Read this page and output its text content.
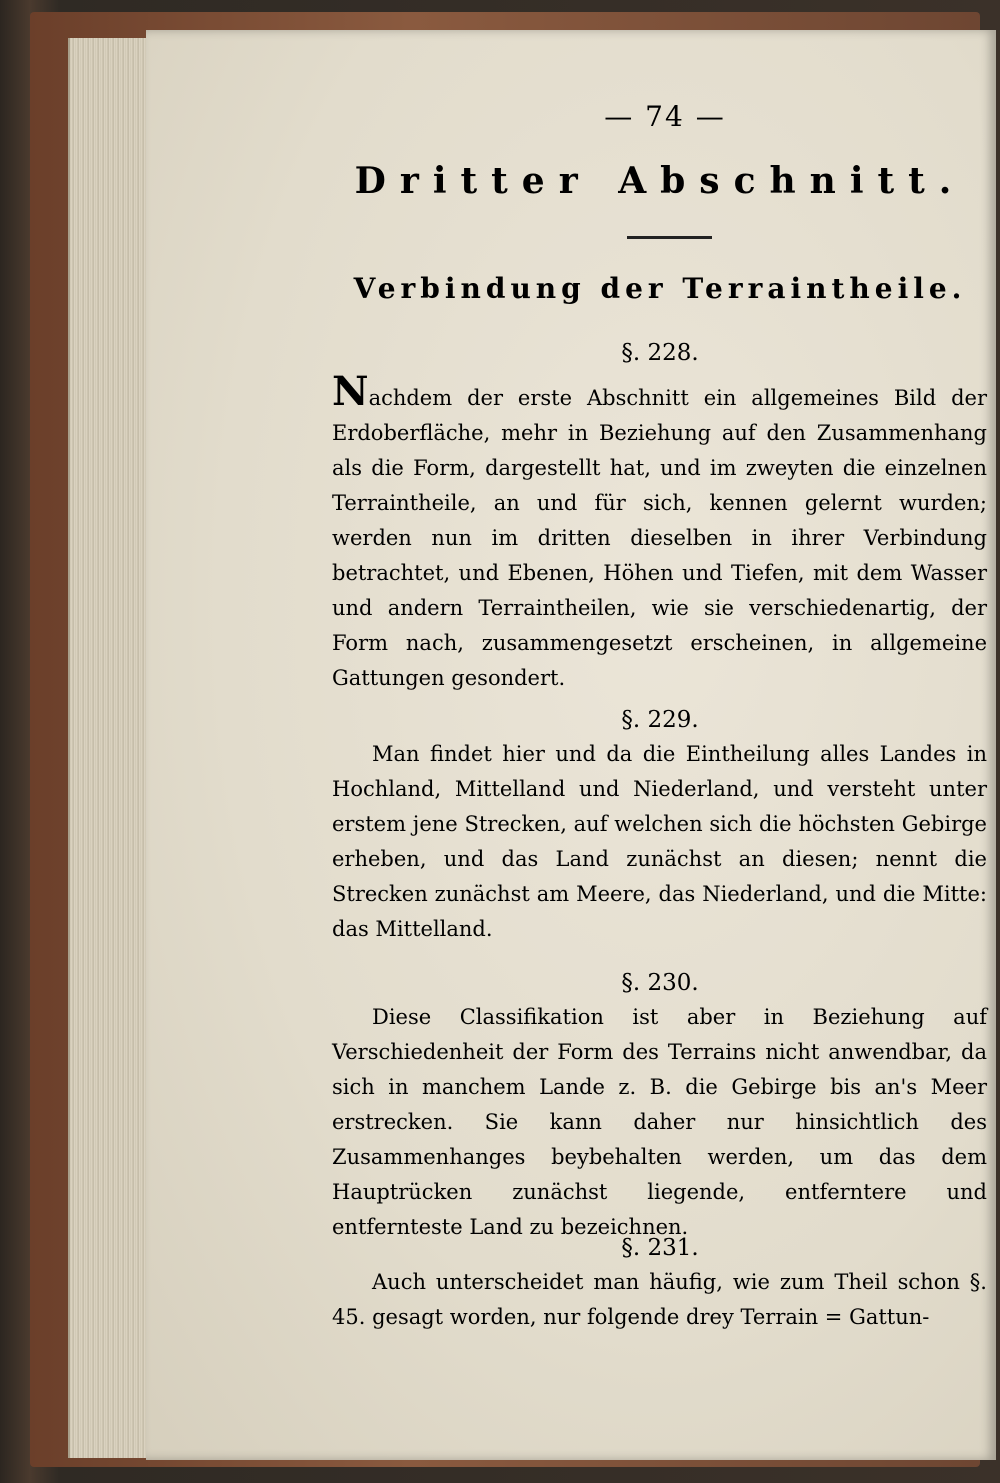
— 74 —
Dritter Abschnitt.
Verbindung der Terraintheile.
§. 228.
Nachdem der erste Abschnitt ein allgemeines Bild der Erdoberfläche, mehr in Beziehung auf den Zusammenhang als die Form, dargestellt hat, und im zweyten die einzelnen Terraintheile, an und für sich, kennen gelernt wurden; werden nun im dritten dieselben in ihrer Verbindung betrachtet, und Ebenen, Höhen und Tiefen, mit dem Wasser und andern Terraintheilen, wie sie verschiedenartig, der Form nach, zusammengesetzt erscheinen, in allgemeine Gattungen gesondert.
§. 229.
Man findet hier und da die Eintheilung alles Landes in Hochland, Mittelland und Niederland, und versteht unter erstem jene Strecken, auf welchen sich die höchsten Gebirge erheben, und das Land zunächst an diesen; nennt die Strecken zunächst am Meere, das Niederland, und die Mitte: das Mittelland.
§. 230.
Diese Classifikation ist aber in Beziehung auf Verschiedenheit der Form des Terrains nicht anwendbar, da sich in manchem Lande z. B. die Gebirge bis an's Meer erstrecken. Sie kann daher nur hinsichtlich des Zusammenhanges beybehalten werden, um das dem Hauptrücken zunächst liegende, entferntere und entfernteste Land zu bezeichnen.
§. 231.
Auch unterscheidet man häufig, wie zum Theil schon §. 45. gesagt worden, nur folgende drey Terrain = Gattun-
